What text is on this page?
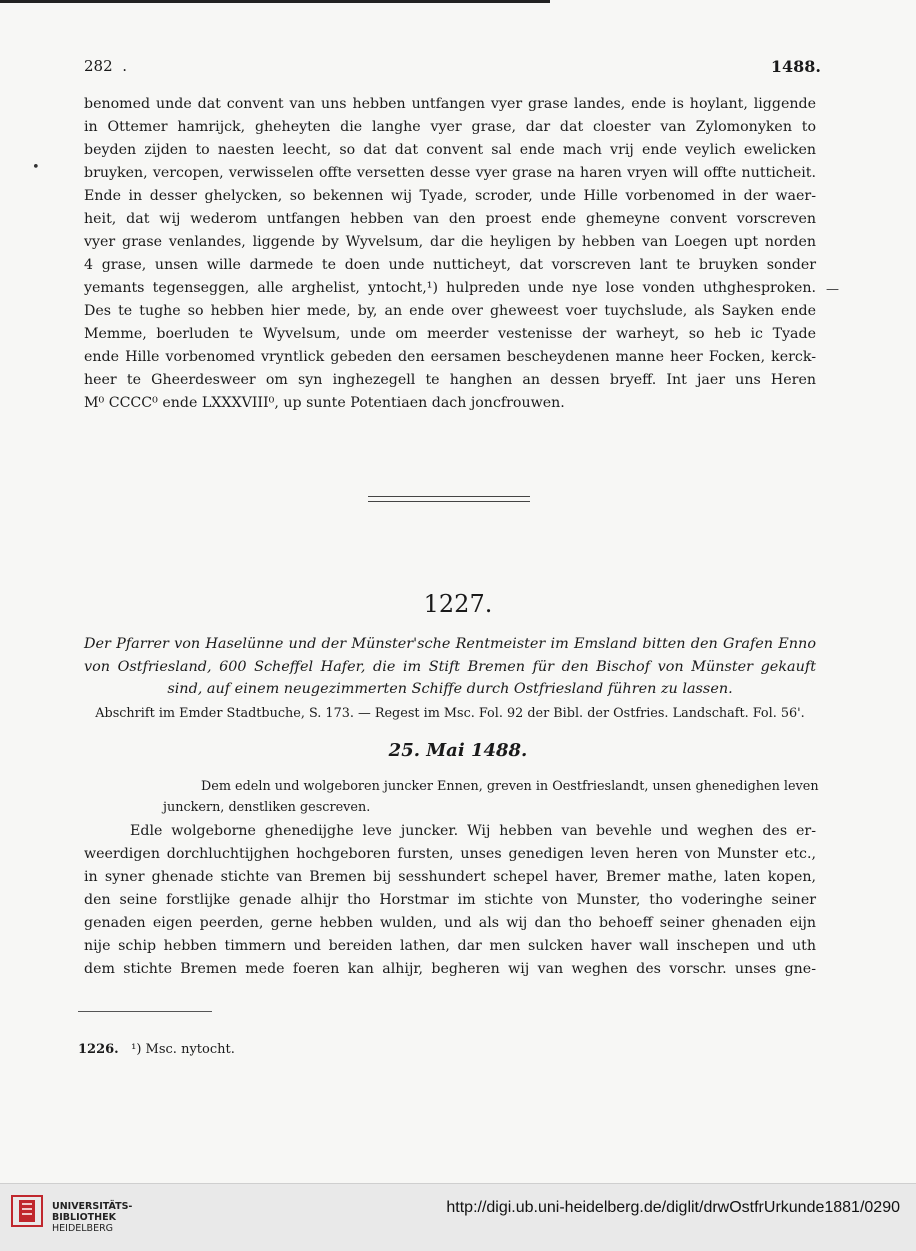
282 .	1488.
benomed unde dat convent van uns hebben untfangen vyer grase landes, ende is hoylant, liggende
in Ottemer hamrijck, gheheyten die langhe vyer grase, dar dat cloester van Zylomonyken to
beyden zijden to naesten leecht, so dat dat convent sal ende mach vrij ende veylich ewelicken
bruyken, vercopen, verwisselen offte versetten desse vyer grase na haren vryen will offte nutticheit.
Ende in desser ghelycken, so bekennen wij Tyade, scroder, unde Hille vorbenomed in der waer-
heit, dat wij wederom untfangen hebben van den proest ende ghemeyne convent vorscreven
vyer grase venlandes, liggende by Wyvelsum, dar die heyligen by hebben van Loegen upt norden
4 grase, unsen wille darmede te doen unde nutticheyt, dat vorscreven lant te bruyken sonder
yemants tegenseggen, alle arghelist, yntocht,¹) hulpreden unde nye lose vonden uthghesproken.
Des te tughe so hebben hier mede, by, an ende over gheweest voer tuychslude, als Sayken ende
Memme, boerluden te Wyvelsum, unde om meerder vestenisse der warheyt, so heb ic Tyade
ende Hille vorbenomed vryntlick gebeden den eersamen bescheydenen manne heer Focken, kerck-
heer te Gheerdesweer om syn inghezegell te hanghen an dessen bryeff. Int jaer uns Heren
M⁰ CCCC⁰ ende LXXXVIII⁰, up sunte Potentiaen dach joncfrouwen.
•
—
1227.
Der Pfarrer von Haselünne und der Münster'sche Rentmeister im Emsland bitten den Grafen Enno
von Ostfriesland, 600 Scheffel Hafer, die im Stift Bremen für den Bischof von Münster gekauft
sind, auf einem neugezimmerten Schiffe durch Ostfriesland führen zu lassen.
Abschrift im Emder Stadtbuche, S. 173. — Regest im Msc. Fol. 92 der Bibl. der Ostfries. Landschaft. Fol. 56'.
25. Mai 1488.
Dem edeln und wolgeboren juncker Ennen, greven in Oestfrieslandt, unsen ghenedighen leven
junckern, denstliken gescreven.
Edle wolgeborne ghenedijghe leve juncker. Wij hebben van bevehle und weghen des er-
weerdigen dorchluchtijghen hochgeboren fursten, unses genedigen leven heren von Munster etc.,
in syner ghenade stichte van Bremen bij sesshundert schepel haver, Bremer mathe, laten kopen,
den seine forstlijke genade alhijr tho Horstmar im stichte von Munster, tho voderinghe seiner
genaden eigen peerden, gerne hebben wulden, und als wij dan tho behoeff seiner ghenaden eijn
nije schip hebben timmern und bereiden lathen, dar men sulcken haver wall inschepen und uth
dem stichte Bremen mede foeren kan alhijr, begheren wij van weghen des vorschr. unses gne-
1226. ¹) Msc. nytocht.
UNIVERSITÄTS-
BIBLIOTHEK
HEIDELBERG
http://digi.ub.uni-heidelberg.de/diglit/drwOstfrUrkunde1881/0290
